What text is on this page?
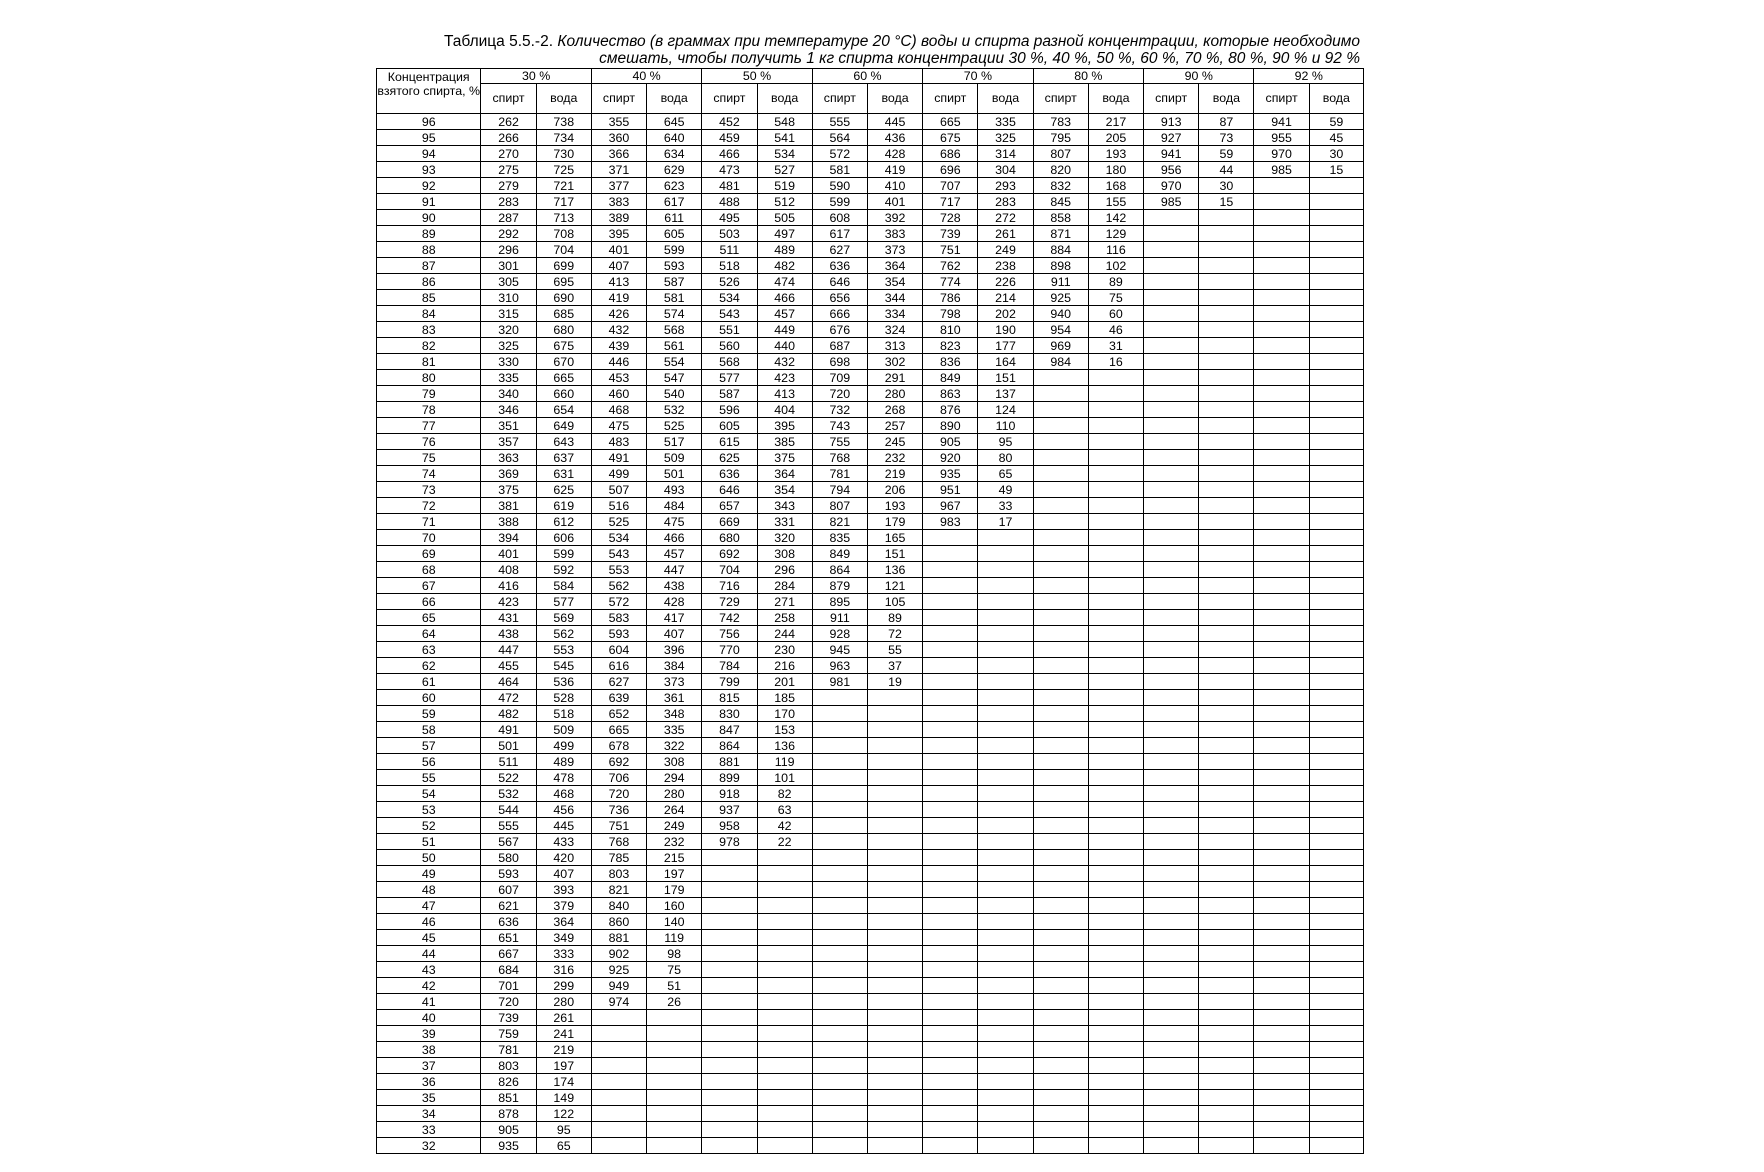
Таблица 5.5.-2. Количество (в граммах при температуре 20 °C) воды и спирта разной концентрации, которые необходимо смешать, чтобы получить 1 кг спирта концентрации 30 %, 40 %, 50 %, 60 %, 70 %, 80 %, 90 % и 92 %
Концентрация взятого спирта, %	30 %		40 %		50 %		60 %		70 %		80 %		90 %		92 %	
	спирт	вода	спирт	вода	спирт	вода	спирт	вода	спирт	вода	спирт	вода	спирт	вода	спирт	вода
96	262	738	355	645	452	548	555	445	665	335	783	217	913	87	941	59
95	266	734	360	640	459	541	564	436	675	325	795	205	927	73	955	45
94	270	730	366	634	466	534	572	428	686	314	807	193	941	59	970	30
93	275	725	371	629	473	527	581	419	696	304	820	180	956	44	985	15
92	279	721	377	623	481	519	590	410	707	293	832	168	970	30		
91	283	717	383	617	488	512	599	401	717	283	845	155	985	15		
90	287	713	389	611	495	505	608	392	728	272	858	142				
89	292	708	395	605	503	497	617	383	739	261	871	129				
88	296	704	401	599	511	489	627	373	751	249	884	116				
87	301	699	407	593	518	482	636	364	762	238	898	102				
86	305	695	413	587	526	474	646	354	774	226	911	89				
85	310	690	419	581	534	466	656	344	786	214	925	75				
84	315	685	426	574	543	457	666	334	798	202	940	60				
83	320	680	432	568	551	449	676	324	810	190	954	46				
82	325	675	439	561	560	440	687	313	823	177	969	31				
81	330	670	446	554	568	432	698	302	836	164	984	16				
80	335	665	453	547	577	423	709	291	849	151						
79	340	660	460	540	587	413	720	280	863	137						
78	346	654	468	532	596	404	732	268	876	124						
77	351	649	475	525	605	395	743	257	890	110						
76	357	643	483	517	615	385	755	245	905	95						
75	363	637	491	509	625	375	768	232	920	80						
74	369	631	499	501	636	364	781	219	935	65						
73	375	625	507	493	646	354	794	206	951	49						
72	381	619	516	484	657	343	807	193	967	33						
71	388	612	525	475	669	331	821	179	983	17						
70	394	606	534	466	680	320	835	165								
69	401	599	543	457	692	308	849	151								
68	408	592	553	447	704	296	864	136								
67	416	584	562	438	716	284	879	121								
66	423	577	572	428	729	271	895	105								
65	431	569	583	417	742	258	911	89								
64	438	562	593	407	756	244	928	72								
63	447	553	604	396	770	230	945	55								
62	455	545	616	384	784	216	963	37								
61	464	536	627	373	799	201	981	19								
60	472	528	639	361	815	185										
59	482	518	652	348	830	170										
58	491	509	665	335	847	153										
57	501	499	678	322	864	136										
56	511	489	692	308	881	119										
55	522	478	706	294	899	101										
54	532	468	720	280	918	82										
53	544	456	736	264	937	63										
52	555	445	751	249	958	42										
51	567	433	768	232	978	22										
50	580	420	785	215												
49	593	407	803	197												
48	607	393	821	179												
47	621	379	840	160												
46	636	364	860	140												
45	651	349	881	119												
44	667	333	902	98												
43	684	316	925	75												
42	701	299	949	51												
41	720	280	974	26												
40	739	261														
39	759	241														
38	781	219														
37	803	197														
36	826	174														
35	851	149														
34	878	122														
33	905	95														
32	935	65														
